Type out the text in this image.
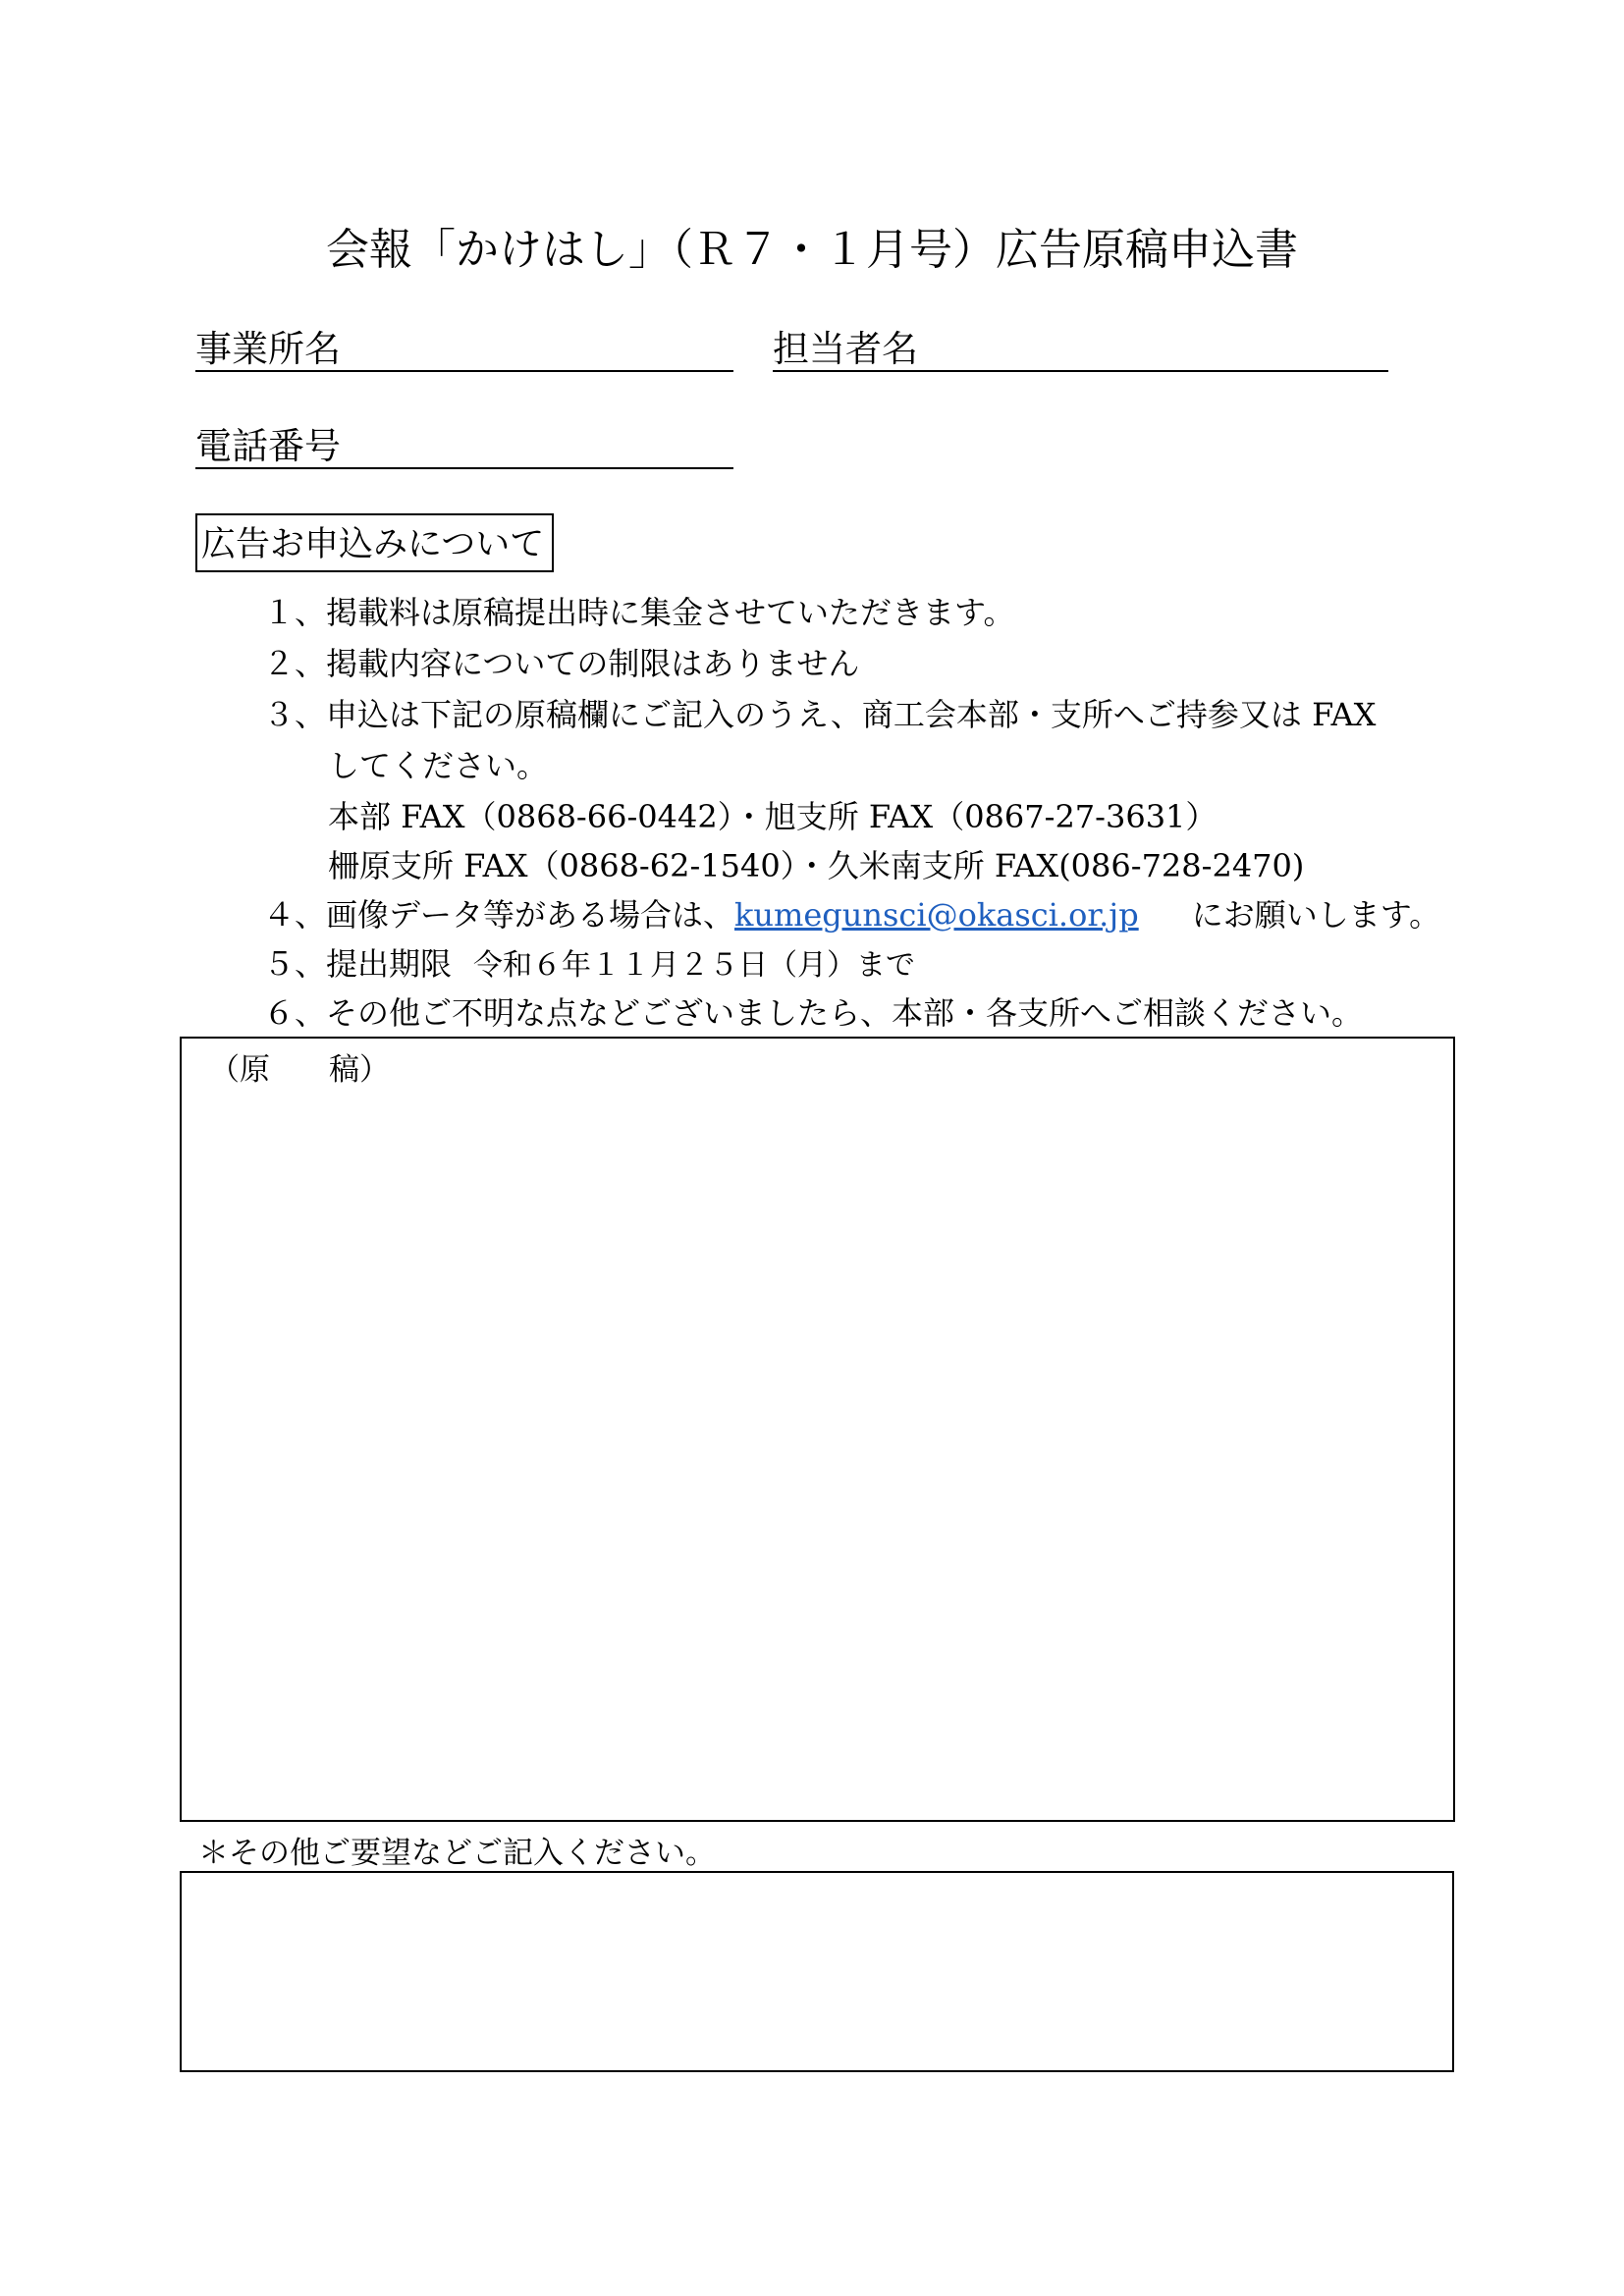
会報「かけはし」（Ｒ７・１月号）広告原稿申込書
事業所名	担当者名
電話番号
広告お申込みについて
１、掲載料は原稿提出時に集金させていただきます。
２、掲載内容についての制限はありません
３、申込は下記の原稿欄にご記入のうえ、商工会本部・支所へご持参又は FAX
してください。
本部 FAX（0868-66-0442）・旭支所 FAX（0867-27-3631）
柵原支所 FAX（0868-62-1540）・久米南支所 FAX(086-728-2470)
４、画像データ等がある場合は、kumegunsci@okasci.or.jp にお願いします。
５、提出期限 令和６年１１月２５日（月）まで
６、その他ご不明な点などございましたら、本部・各支所へご相談ください。
（原 稿）
＊その他ご要望などご記入ください。
